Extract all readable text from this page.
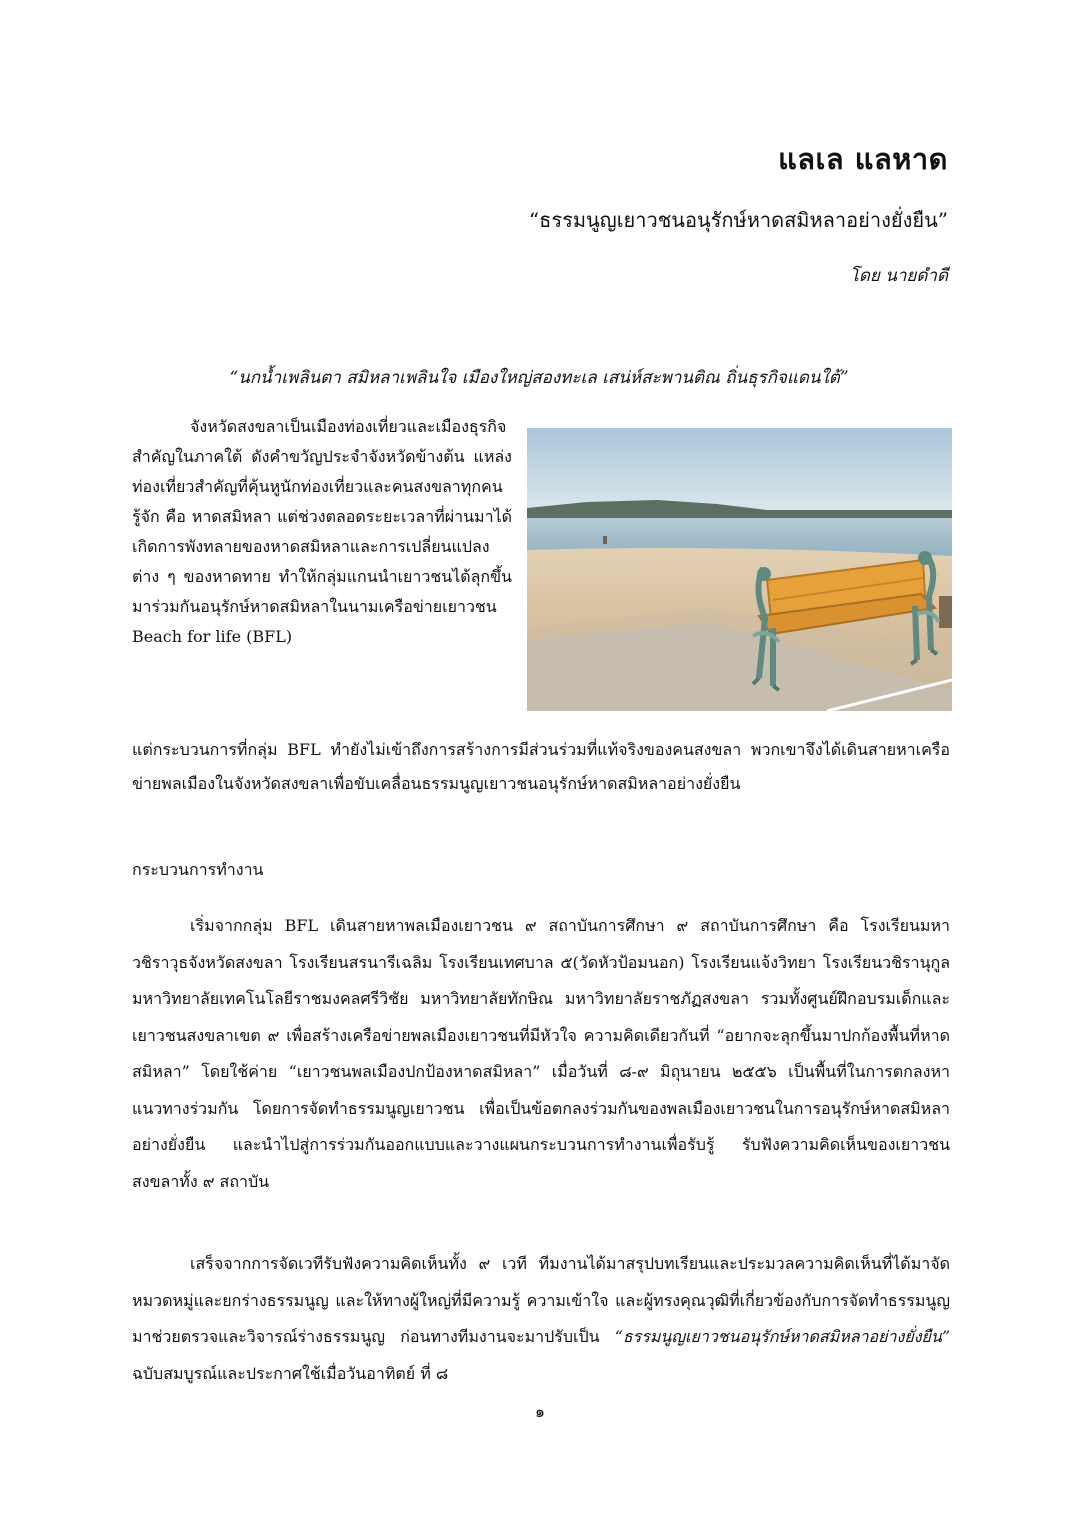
แลเล แลหาด
“ธรรมนูญเยาวชนอนุรักษ์หาดสมิหลาอย่างยั่งยืน”
โดย นายดำดี
“นกน้ำเพลินตา สมิหลาเพลินใจ เมืองใหญ่สองทะเล เสน่ห์สะพานติณ ถิ่นธุรกิจแดนใต้”
จังหวัดสงขลาเป็นเมืองท่องเที่ยวและเมืองธุรกิจสำคัญในภาคใต้ ดังคำขวัญประจำจังหวัดข้างต้น แหล่งท่องเที่ยวสำคัญที่คุ้นหูนักท่องเที่ยวและคนสงขลาทุกคนรู้จัก คือ หาดสมิหลา แต่ช่วงตลอดระยะเวลาที่ผ่านมาได้เกิดการพังทลายของหาดสมิหลาและการเปลี่ยนแปลงต่าง ๆ ของหาดทาย ทำให้กลุ่มแกนนำเยาวชนได้ลุกขึ้นมาร่วมกันอนุรักษ์หาดสมิหลาในนามเครือข่ายเยาวชน Beach for life (BFL)
แต่กระบวนการที่กลุ่ม BFL ทำยังไม่เข้าถึงการสร้างการมีส่วนร่วมที่แท้จริงของคนสงขลา พวกเขาจึงได้เดินสายหาเครือข่ายพลเมืองในจังหวัดสงขลาเพื่อขับเคลื่อนธรรมนูญเยาวชนอนุรักษ์หาดสมิหลาอย่างยั่งยืน
กระบวนการทำงาน
เริ่มจากกลุ่ม BFL เดินสายหาพลเมืองเยาวชน ๙ สถาบันการศึกษา ๙ สถาบันการศึกษา คือ โรงเรียนมหาวชิราวุธจังหวัดสงขลา โรงเรียนสรนารีเฉลิม โรงเรียนเทศบาล ๕(วัดหัวป้อมนอก) โรงเรียนแจ้งวิทยา โรงเรียนวชิรานุกูล มหาวิทยาลัยเทคโนโลยีราชมงคลศรีวิชัย มหาวิทยาลัยทักษิณ มหาวิทยาลัยราชภัฏสงขลา รวมทั้งศูนย์ฝึกอบรมเด็กและเยาวชนสงขลาเขต ๙ เพื่อสร้างเครือข่ายพลเมืองเยาวชนที่มีหัวใจ ความคิดเดียวกันที่ “อยากจะลุกขึ้นมาปกก้องพื้นที่หาดสมิหลา” โดยใช้ค่าย “เยาวชนพลเมืองปกป้องหาดสมิหลา” เมื่อวันที่ ๘-๙ มิถุนายน ๒๕๕๖ เป็นพื้นที่ในการตกลงหาแนวทางร่วมกัน โดยการจัดทำธรรมนูญเยาวชน เพื่อเป็นข้อตกลงร่วมกันของพลเมืองเยาวชนในการอนุรักษ์หาดสมิหลาอย่างยั่งยืน และนำไปสู่การร่วมกันออกแบบและวางแผนกระบวนการทำงานเพื่อรับรู้ รับฟังความคิดเห็นของเยาวชนสงขลาทั้ง ๙ สถาบัน
เสร็จจากการจัดเวทีรับฟังความคิดเห็นทั้ง ๙ เวที ทีมงานได้มาสรุปบทเรียนและประมวลความคิดเห็นที่ได้มาจัดหมวดหมู่และยกร่างธรรมนูญ และให้ทางผู้ใหญ่ที่มีความรู้ ความเข้าใจ และผู้ทรงคุณวุฒิที่เกี่ยวข้องกับการจัดทำธรรมนูญมาช่วยตรวจและวิจารณ์ร่างธรรมนูญ ก่อนทางทีมงานจะมาปรับเป็น “ธรรมนูญเยาวชนอนุรักษ์หาดสมิหลาอย่างยั่งยืน” ฉบับสมบูรณ์และประกาศใช้เมื่อวันอาทิตย์ ที่ ๘
๑
